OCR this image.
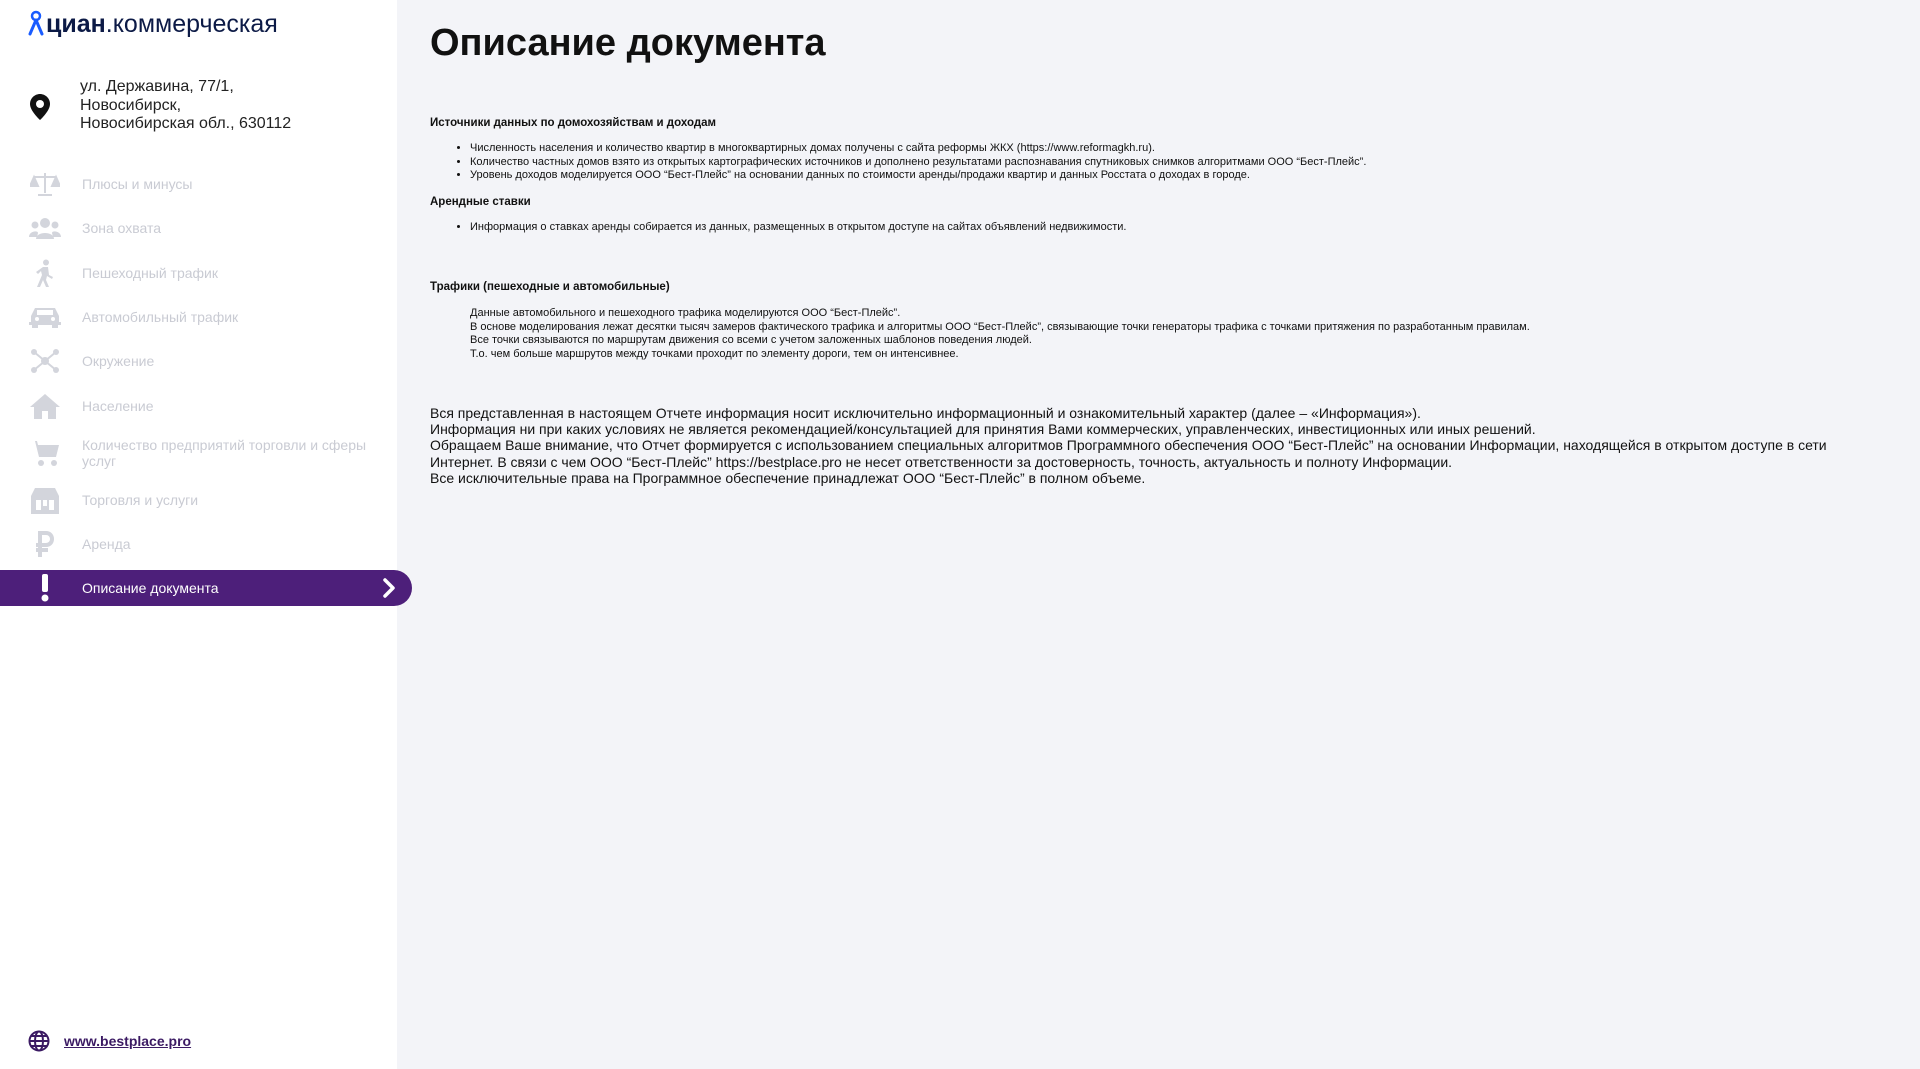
циан .коммерческая
ул. Державина, 77/1,
Новосибирск,
Новосибирская обл., 630112
Плюсы и минусы
Зона охвата
Пешеходный трафик
Автомобильный трафик
Окружение
Население
Количество предприятий торговли и сферы услуг
Торговля и услуги
Аренда
Описание документа
www.bestplace.pro
Описание документа
Источники данных по домохозяйствам и доходам
• Численность населения и количество квартир в многоквартирных домах получены с сайта реформы ЖКХ (https://www.reformagkh.ru).
• Количество частных домов взято из открытых картографических источников и дополнено результатами распознавания спутниковых снимков алгоритмами ООО “Бест-Плейс”.
• Уровень доходов моделируется ООО “Бест-Плейс” на основании данных по стоимости аренды/продажи квартир и данных Росстата о доходах в городе.
Арендные ставки
• Информация о ставках аренды собирается из данных, размещенных в открытом доступе на сайтах объявлений недвижимости.
Трафики (пешеходные и автомобильные)
Данные автомобильного и пешеходного трафика моделируются ООО “Бест-Плейс”.
В основе моделирования лежат десятки тысяч замеров фактического трафика и алгоритмы ООО “Бест-Плейс”, связывающие точки генераторы трафика с точками притяжения по разработанным правилам.
Все точки связываются по маршрутам движения со всеми с учетом заложенных шаблонов поведения людей.
Т.о. чем больше маршрутов между точками проходит по элементу дороги, тем он интенсивнее.
Вся представленная в настоящем Отчете информация носит исключительно информационный и ознакомительный характер (далее – «Информация»).
Информация ни при каких условиях не является рекомендацией/консультацией для принятия Вами коммерческих, управленческих, инвестиционных или иных решений.
Обращаем Ваше внимание, что Отчет формируется с использованием специальных алгоритмов Программного обеспечения ООО “Бест-Плейс” на основании Информации, находящейся в открытом доступе в сети
Интернет. В связи с чем ООО “Бест-Плейс” https://bestplace.pro не несет ответственности за достоверность, точность, актуальность и полноту Информации.
Все исключительные права на Программное обеспечение принадлежат ООО “Бест-Плейс” в полном объеме.
